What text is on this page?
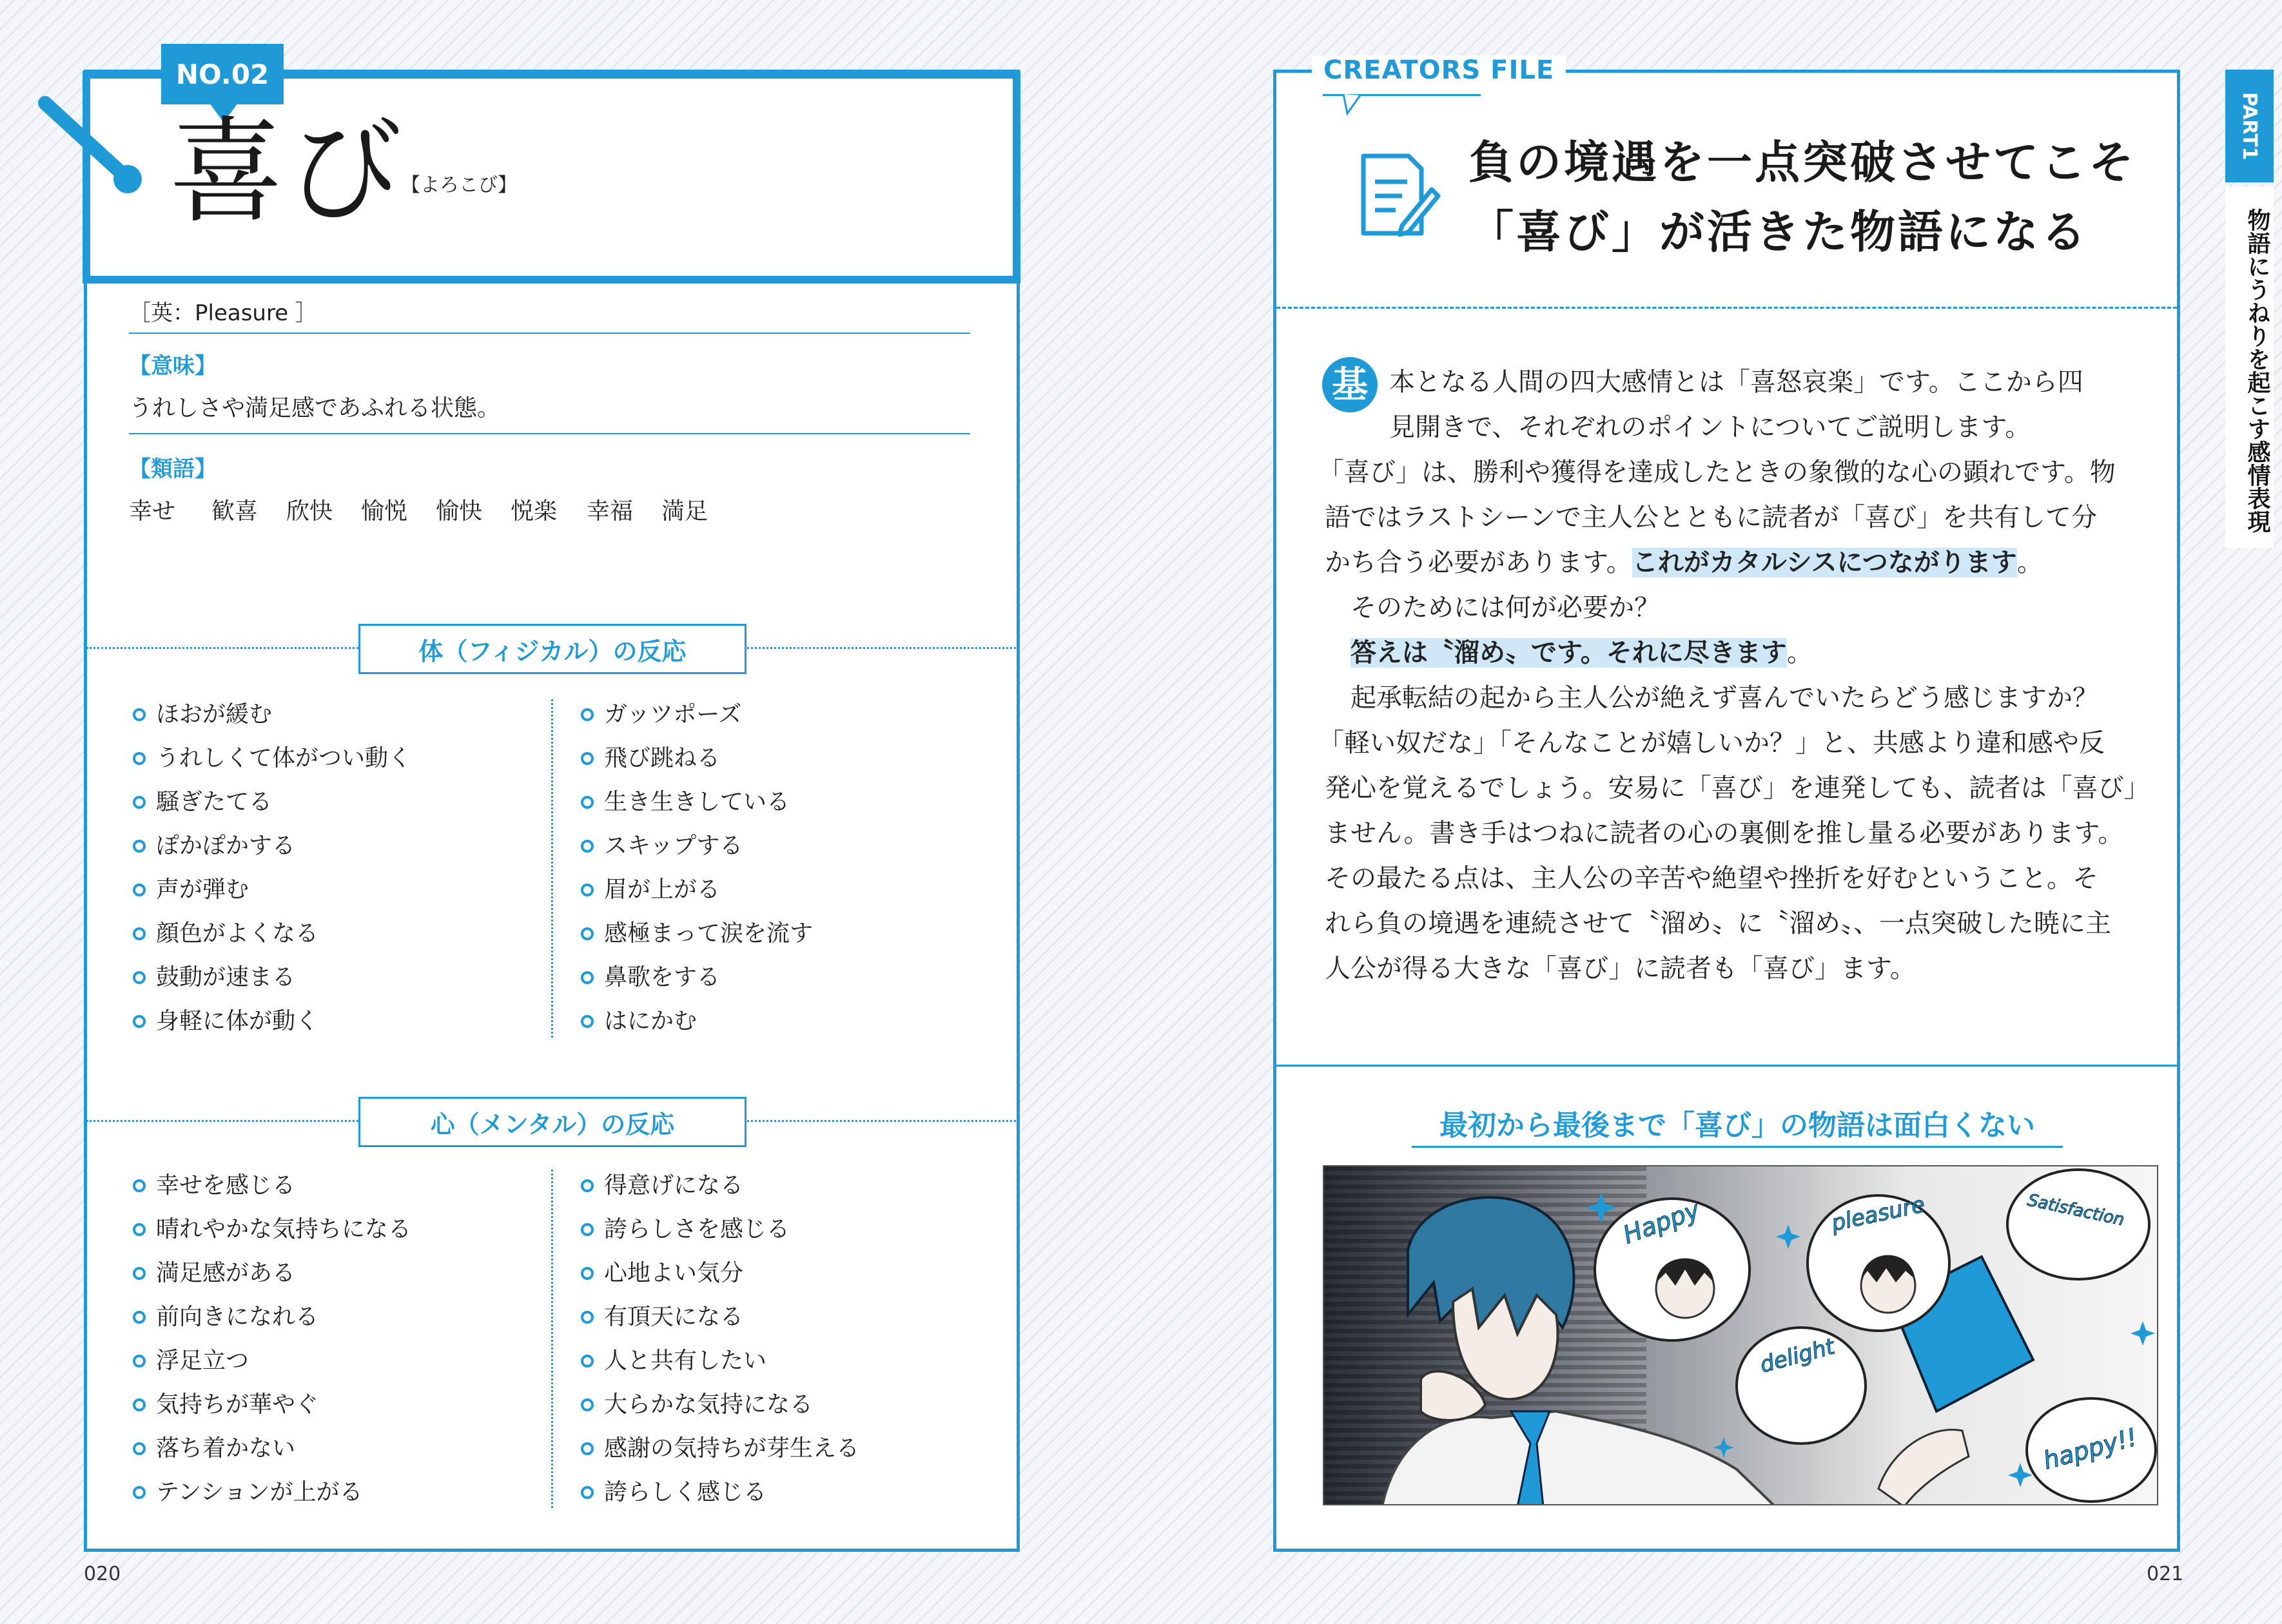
NO.02
喜び
【よろこび】
［英：Pleasure ］
【意味】
うれしさや満足感であふれる状態。
【類語】
幸せ 歓喜 欣快 愉悦 愉快 悦楽 幸福 満足
体（フィジカル）の反応
ほおが緩む
うれしくて体がつい動く
騒ぎたてる
ぽかぽかする
声が弾む
顔色がよくなる
鼓動が速まる
身軽に体が動く
ガッツポーズ
飛び跳ねる
生き生きしている
スキップする
眉が上がる
感極まって涙を流す
鼻歌をする
はにかむ
心（メンタル）の反応
幸せを感じる
晴れやかな気持ちになる
満足感がある
前向きになれる
浮足立つ
気持ちが華やぐ
落ち着かない
テンションが上がる
得意げになる
誇らしさを感じる
心地よい気分
有頂天になる
人と共有したい
大らかな気持になる
感謝の気持ちが芽生える
誇らしく感じる
020
CREATORS FILE
負の境遇を一点突破させてこそ
「喜び」が活きた物語になる
基 本となる人間の四大感情とは「喜怒哀楽」です。ここから四

見開きで、それぞれのポイントについてご説明します。

「喜び」は、勝利や獲得を達成したときの象徴的な心の顕れです。物

語ではラストシーンで主人公とともに読者が「喜び」を共有して分

かち合う必要があります。これがカタルシスにつながります。

そのためには何が必要か？

答えは〝溜め〟です。それに尽きます。

起承転結の起から主人公が絶えず喜んでいたらどう感じますか？

「軽い奴だな」「そんなことが嬉しいか？」と、共感より違和感や反

発心を覚えるでしょう。安易に「喜び」を連発しても、読者は「喜び」

ません。書き手はつねに読者の心の裏側を推し量る必要があります。

その最たる点は、主人公の辛苦や絶望や挫折を好むということ。そ

れら負の境遇を連続させて〝溜め〟に〝溜め〟、一点突破した暁に主

人公が得る大きな「喜び」に読者も「喜び」ます。

最初から最後まで「喜び」の物語は面白くない
Happy	pleasure	Satisfaction
delight
happy!!
021
PART1
物語にうねりを起こす感情表現
